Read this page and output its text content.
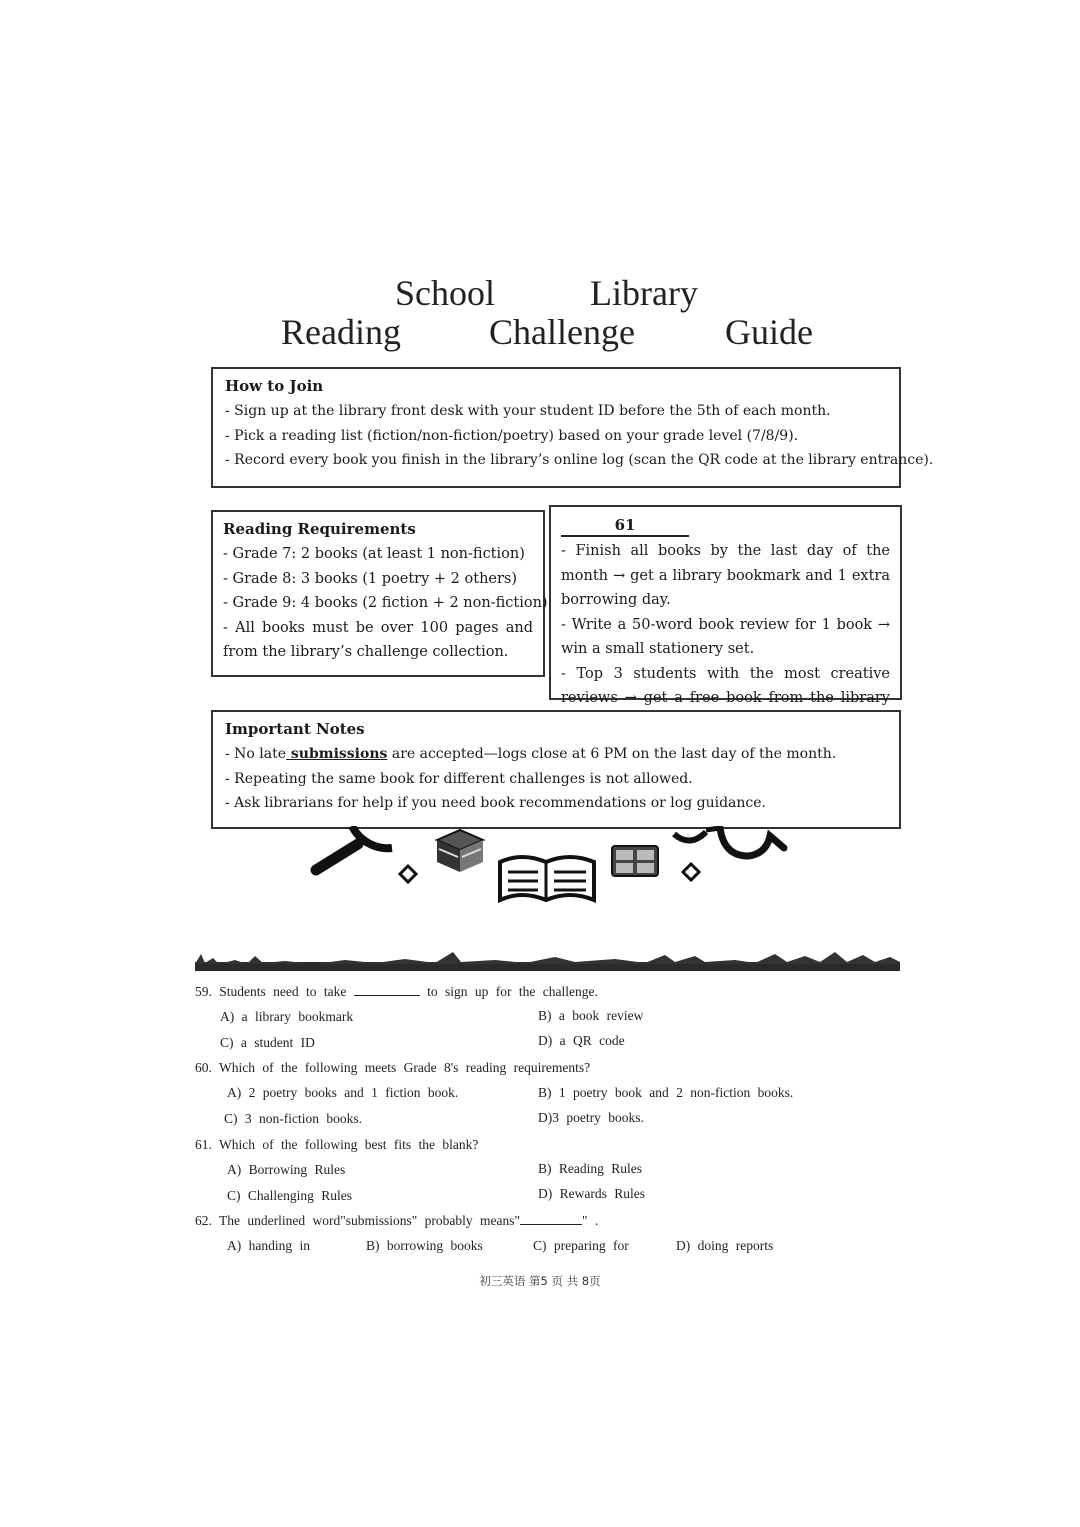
School	Library
Reading Challenge	Guide
How to Join
- Sign up at the library front desk with your student ID before the 5th of each month.
- Pick a reading list (fiction/non-fiction/poetry) based on your grade level (7/8/9).
- Record every book you finish in the library’s online log (scan the QR code at the library entrance).
Reading Requirements
- Grade 7: 2 books (at least 1 non-fiction)
- Grade 8: 3 books (1 poetry + 2 others)
- Grade 9: 4 books (2 fiction + 2 non-fiction)
- All books must be over 100 pages and from the library’s challenge collection.
61
- Finish all books by the last day of the month → get a library bookmark and 1 extra borrowing day.
- Write a 50-word book review for 1 book → win a small stationery set.
- Top 3 students with the most creative reviews → get a free book from the library
Important Notes
- No late submissions are accepted—logs close at 6 PM on the last day of the month.
- Repeating the same book for different challenges is not allowed.
- Ask librarians for help if you need book recommendations or log guidance.
59. Students need to take	to sign up for the challenge.
A) a library bookmark	B) a book review
C) a student ID	D) a QR code
60. Which of the following meets Grade 8's reading requirements?
A) 2 poetry books and 1 fiction book.	B) 1 poetry book and 2 non-fiction books.
C) 3 non-fiction books.	D)3 poetry books.
61. Which of the following best fits the blank?
A) Borrowing Rules	B) Reading Rules
C) Challenging Rules	D) Rewards Rules
62. The underlined word"submissions" probably means"	" .
A) handing in	B) borrowing books	C) preparing for	D) doing reports
初三英语 第5 页 共 8页
